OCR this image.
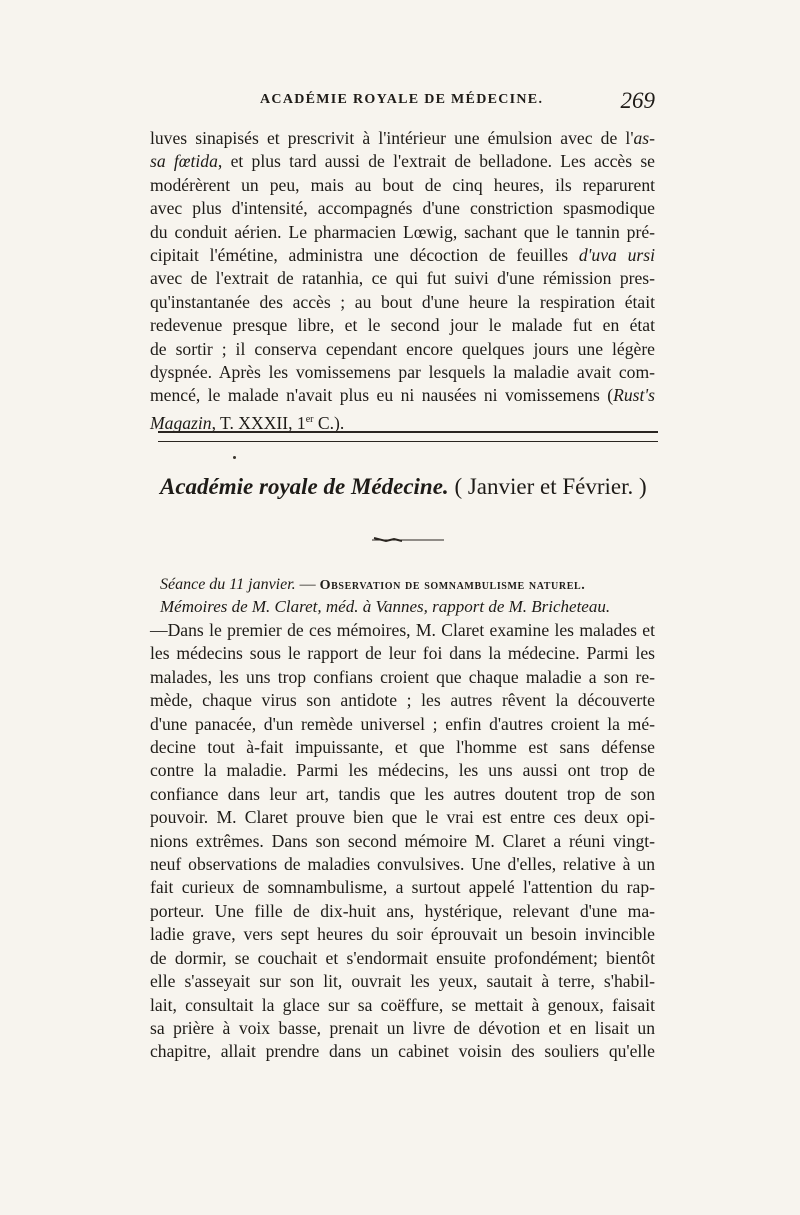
ACADÉMIE ROYALE DE MÉDECINE.	269

luves sinapisés et prescrivit à l'intérieur une émulsion avec de l'as-
sa fœtida, et plus tard aussi de l'extrait de belladone. Les accès se
modérèrent un peu, mais au bout de cinq heures, ils reparurent
avec plus d'intensité, accompagnés d'une constriction spasmodique
du conduit aérien. Le pharmacien Lœwig, sachant que le tannin pré-
cipitait l'émétine, administra une décoction de feuilles d'uva ursi
avec de l'extrait de ratanhia, ce qui fut suivi d'une rémission pres-
qu'instantanée des accès ; au bout d'une heure la respiration était
redevenue presque libre, et le second jour le malade fut en état
de sortir ; il conserva cependant encore quelques jours une légère
dyspnée. Après les vomissemens par lesquels la maladie avait com-
mencé, le malade n'avait plus eu ni nausées ni vomissemens (Rust's
Magazin, T. XXXII, 1er C.).

Académie royale de Médecine. ( Janvier et Février. )
Séance du 11 janvier. — Observation de somnambulisme naturel.
Mémoires de M. Claret, méd. à Vannes, rapport de M. Bricheteau.

—Dans le premier de ces mémoires, M. Claret examine les malades et
les médecins sous le rapport de leur foi dans la médecine. Parmi les
malades, les uns trop confians croient que chaque maladie a son re-
mède, chaque virus son antidote ; les autres rêvent la découverte
d'une panacée, d'un remède universel ; enfin d'autres croient la mé-
decine tout à-fait impuissante, et que l'homme est sans défense
contre la maladie. Parmi les médecins, les uns aussi ont trop de
confiance dans leur art, tandis que les autres doutent trop de son
pouvoir. M. Claret prouve bien que le vrai est entre ces deux opi-
nions extrêmes. Dans son second mémoire M. Claret a réuni vingt-
neuf observations de maladies convulsives. Une d'elles, relative à un
fait curieux de somnambulisme, a surtout appelé l'attention du rap-
porteur. Une fille de dix-huit ans, hystérique, relevant d'une ma-
ladie grave, vers sept heures du soir éprouvait un besoin invincible
de dormir, se couchait et s'endormait ensuite profondément; bientôt
elle s'asseyait sur son lit, ouvrait les yeux, sautait à terre, s'habil-
lait, consultait la glace sur sa coëffure, se mettait à genoux, faisait
sa prière à voix basse, prenait un livre de dévotion et en lisait un
chapitre, allait prendre dans un cabinet voisin des souliers qu'elle
